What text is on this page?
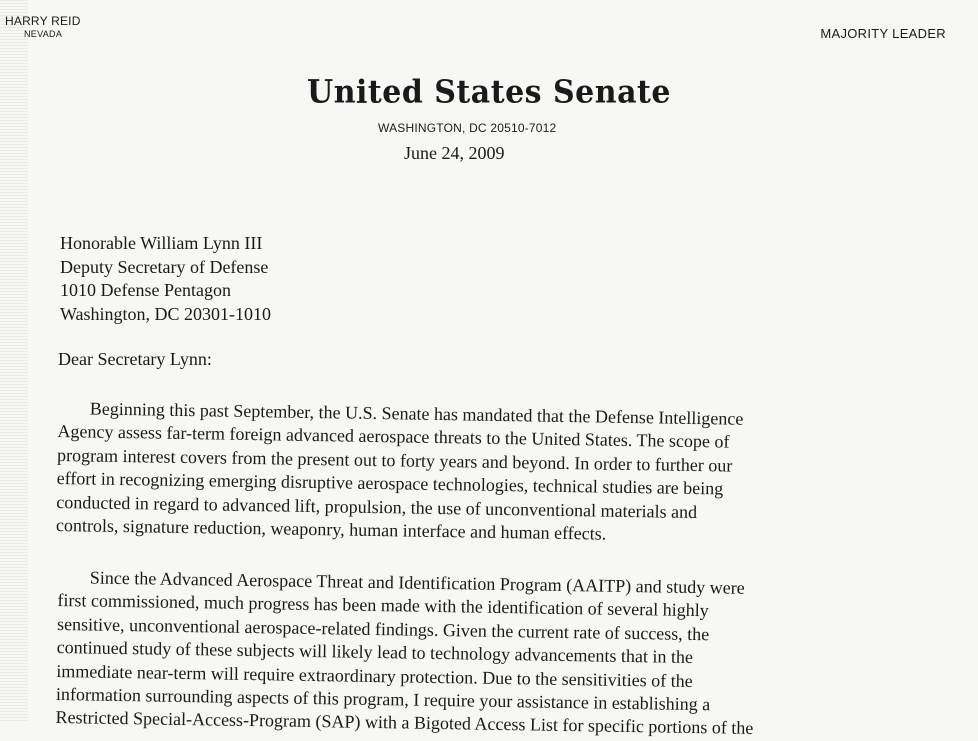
HARRY REID
NEVADA	MAJORITY LEADER
United States Senate
WASHINGTON, DC 20510-7012
June 24, 2009
Honorable William Lynn III
Deputy Secretary of Defense
1010 Defense Pentagon
Washington, DC 20301-1010
Dear Secretary Lynn:
Beginning this past September, the U.S. Senate has mandated that the Defense Intelligence
Agency assess far-term foreign advanced aerospace threats to the United States. The scope of
program interest covers from the present out to forty years and beyond. In order to further our
effort in recognizing emerging disruptive aerospace technologies, technical studies are being
conducted in regard to advanced lift, propulsion, the use of unconventional materials and
controls, signature reduction, weaponry, human interface and human effects.
Since the Advanced Aerospace Threat and Identification Program (AAITP) and study were
first commissioned, much progress has been made with the identification of several highly
sensitive, unconventional aerospace-related findings. Given the current rate of success, the
continued study of these subjects will likely lead to technology advancements that in the
immediate near-term will require extraordinary protection. Due to the sensitivities of the
information surrounding aspects of this program, I require your assistance in establishing a
Restricted Special-Access-Program (SAP) with a Bigoted Access List for specific portions of the
